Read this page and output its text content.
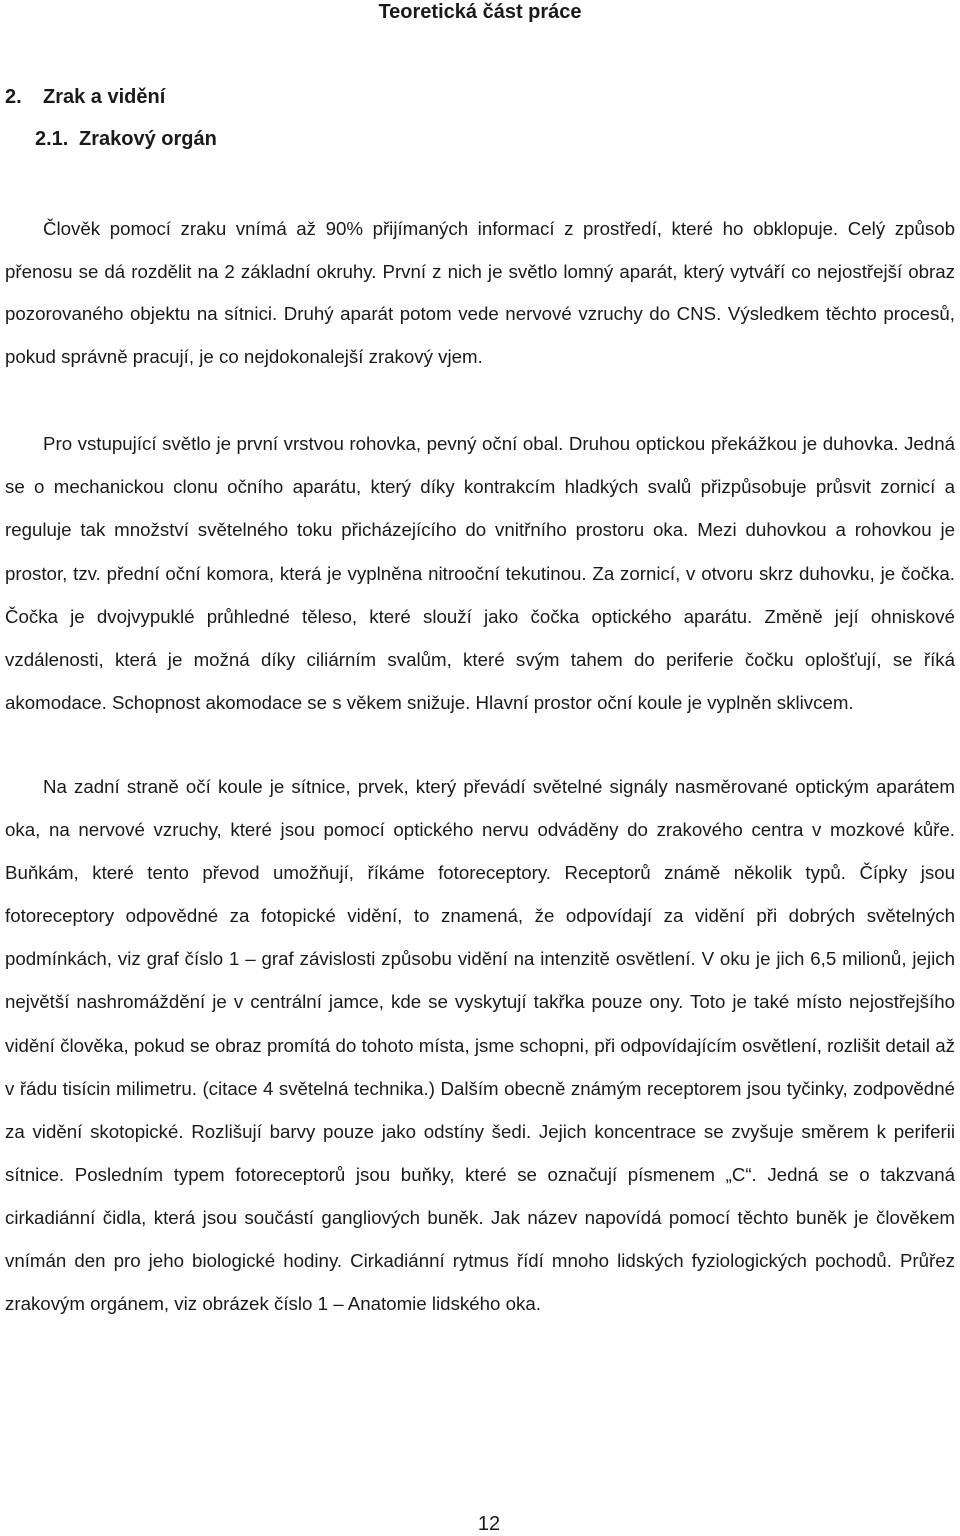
Teoretická část práce
2. Zrak a vidění
2.1. Zrakový orgán

Člověk pomocí zraku vnímá až 90% přijímaných informací z prostředí, které ho obklopuje. Celý způsob přenosu se dá rozdělit na 2 základní okruhy. První z nich je světlo lomný aparát, který vytváří co nejostřejší obraz pozorovaného objektu na sítnici. Druhý aparát potom vede nervové vzruchy do CNS. Výsledkem těchto procesů, pokud správně pracují, je co nejdokonalejší zrakový vjem.

Pro vstupující světlo je první vrstvou rohovka, pevný oční obal. Druhou optickou překážkou je duhovka. Jedná se o mechanickou clonu očního aparátu, který díky kontrakcím hladkých svalů přizpůsobuje průsvit zornicí a reguluje tak množství světelného toku přicházejícího do vnitřního prostoru oka. Mezi duhovkou a rohovkou je prostor, tzv. přední oční komora, která je vyplněna nitrooční tekutinou. Za zornicí, v otvoru skrz duhovku, je čočka. Čočka je dvojvypuklé průhledné těleso, které slouží jako čočka optického aparátu. Změně její ohniskové vzdálenosti, která je možná díky ciliárním svalům, které svým tahem do periferie čočku oplošťují, se říká akomodace. Schopnost akomodace se s věkem snižuje. Hlavní prostor oční koule je vyplněn sklivcem.

Na zadní straně očí koule je sítnice, prvek, který převádí světelné signály nasměrované optickým aparátem oka, na nervové vzruchy, které jsou pomocí optického nervu odváděny do zrakového centra v mozkové kůře. Buňkám, které tento převod umožňují, říkáme fotoreceptory. Receptorů známě několik typů. Čípky jsou fotoreceptory odpovědné za fotopické vidění, to znamená, že odpovídají za vidění při dobrých světelných podmínkách, viz graf číslo 1 – graf závislosti způsobu vidění na intenzitě osvětlení. V oku je jich 6,5 milionů, jejich největší nashromáždění je v centrální jamce, kde se vyskytují takřka pouze ony. Toto je také místo nejostřejšího vidění člověka, pokud se obraz promítá do tohoto místa, jsme schopni, při odpovídajícím osvětlení, rozlišit detail až v řádu tisícin milimetru. (citace 4 světelná technika.) Dalším obecně známým receptorem jsou tyčinky, zodpovědné za vidění skotopické. Rozlišují barvy pouze jako odstíny šedi. Jejich koncentrace se zvyšuje směrem k periferii sítnice. Posledním typem fotoreceptorů jsou buňky, které se označují písmenem „C“. Jedná se o takzvaná cirkadiánní čidla, která jsou součástí gangliových buněk. Jak název napovídá pomocí těchto buněk je člověkem vnímán den pro jeho biologické hodiny. Cirkadiánní rytmus řídí mnoho lidských fyziologických pochodů. Průřez zrakovým orgánem, viz obrázek číslo 1 – Anatomie lidského oka.

12
